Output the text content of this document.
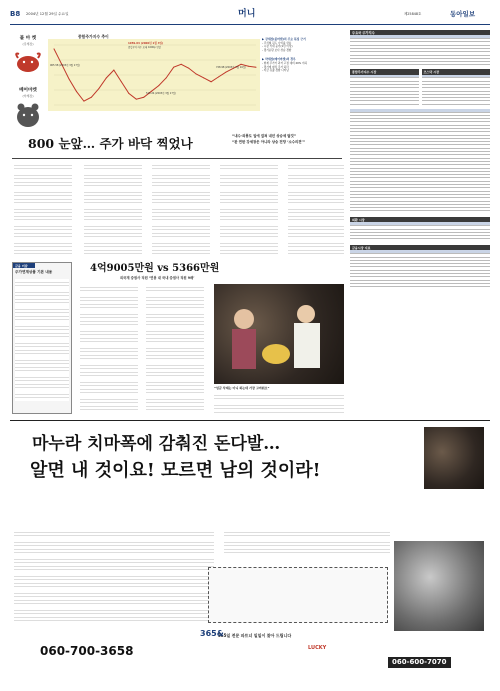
B8 2004년 12월 29일 수요일	머니	제25848호	동아일보
불 마 켓
(강세장)
베어마켓
(약세장)
종합주가지수 추이
1059.04 (2000년 1월 4일)
종합주가지수 초대 1000p 연말
905.58 (2003년 3월 17일)
728.98 (2003년 3월 16일)
515.24 (2003년 3월 17일)
▶ 강세장(불마켓)의 주요 특징 근거
- 주식형 펀드 수익률 상승
- 시장 기대 증가(1년 이상)
- 경기순환 보다 상승 경향
▶ 약세장(베어마켓)의 경우
- 현재 주가가 과거 고점 대비 20% 이하
- 경기에 따라 주가 하락
- 자금 유출 경향 나타남
800 눈앞… 주가 바닥 찍었나	“내수·외풍도 일에 걸쳐 내년 상승세 탈것”
“완 연한 강세장은 아니라 상승 전망 ‘소수의견’”
주요국 주가지수

종합주가지수 시장

		코스닥 시장

외환 시장

금융시장 지표

금융 미담
주가연계상품 기본 내용	4억9005만원 vs 5366만원
외국계 증권사 직원 ‘연봉 대 국내 증권사 직원 9배’
“임금 삭제는 아니 하는데 가장 고마워요”
마누라 치마폭에 감춰진 돈다발…
알면 내 것이요! 모르면 남의 것이라!
365일 전문 파트너 일일이 찾아 드립니다
060-700-3658
365&
LUCKY
060-600-7070
